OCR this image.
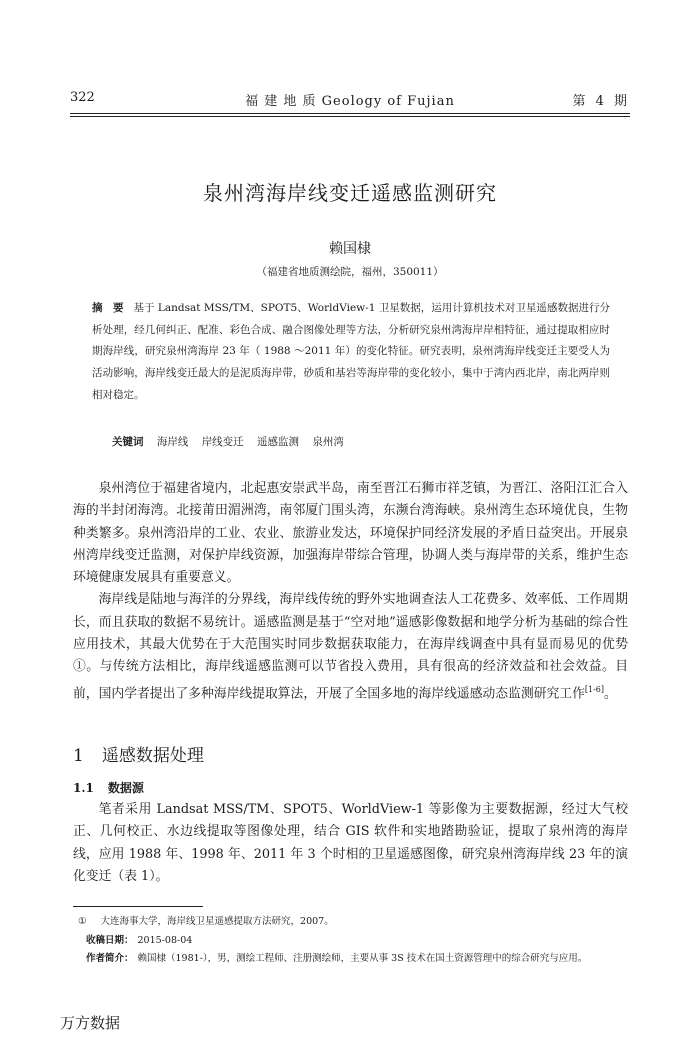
322	福 建 地 质 Geology of Fujian	第 4 期
泉州湾海岸线变迁遥感监测研究
赖国棣
（福建省地质测绘院，福州，350011）
摘　要 基于 Landsat MSS/TM、SPOT5、WorldView-1 卫星数据，运用计算机技术对卫星遥感数据进行分析处理，经几何纠正、配准、彩色合成、融合图像处理等方法，分析研究泉州湾海岸岸相特征，通过提取相应时期海岸线，研究泉州湾海岸 23 年（ 1988 ～2011 年）的变化特征。研究表明，泉州湾海岸线变迁主要受人为活动影响，海岸线变迁最大的是泥质海岸带，砂质和基岩等海岸带的变化较小，集中于湾内西北岸，南北两岸则相对稳定。
关键词 海岸线 岸线变迁 遥感监测 泉州湾

泉州湾位于福建省境内，北起惠安崇武半岛，南至晋江石狮市祥芝镇，为晋江、洛阳江汇合入海的半封闭海湾。北接莆田湄洲湾，南邻厦门围头湾，东濒台湾海峡。泉州湾生态环境优良，生物种类繁多。泉州湾沿岸的工业、农业、旅游业发达，环境保护同经济发展的矛盾日益突出。开展泉州湾岸线变迁监测，对保护岸线资源，加强海岸带综合管理，协调人类与海岸带的关系，维护生态环境健康发展具有重要意义。

海岸线是陆地与海洋的分界线，海岸线传统的野外实地调查法人工花费多、效率低、工作周期长，而且获取的数据不易统计。遥感监测是基于“空对地”遥感影像数据和地学分析为基础的综合性应用技术，其最大优势在于大范围实时同步数据获取能力，在海岸线调查中具有显而易见的优势①。与传统方法相比，海岸线遥感监测可以节省投入费用，具有很高的经济效益和社会效益。目前，国内学者提出了多种海岸线提取算法，开展了全国多地的海岸线遥感动态监测研究工作[1-6]。

1 遥感数据处理
1.1 数据源

笔者采用 Landsat MSS/TM、SPOT5、WorldView-1 等影像为主要数据源，经过大气校正、几何校正、水边线提取等图像处理，结合 GIS 软件和实地踏勘验证，提取了泉州湾的海岸线，应用 1988 年、1998 年、2011 年 3 个时相的卫星遥感图像，研究泉州湾海岸线 23 年的演化变迁（表 1）。

① 大连海事大学，海岸线卫星遥感提取方法研究，2007。
收稿日期： 2015-08-04
作者简介： 赖国棣（1981-），男，测绘工程师、注册测绘师，主要从事 3S 技术在国土资源管理中的综合研究与应用。
万方数据
